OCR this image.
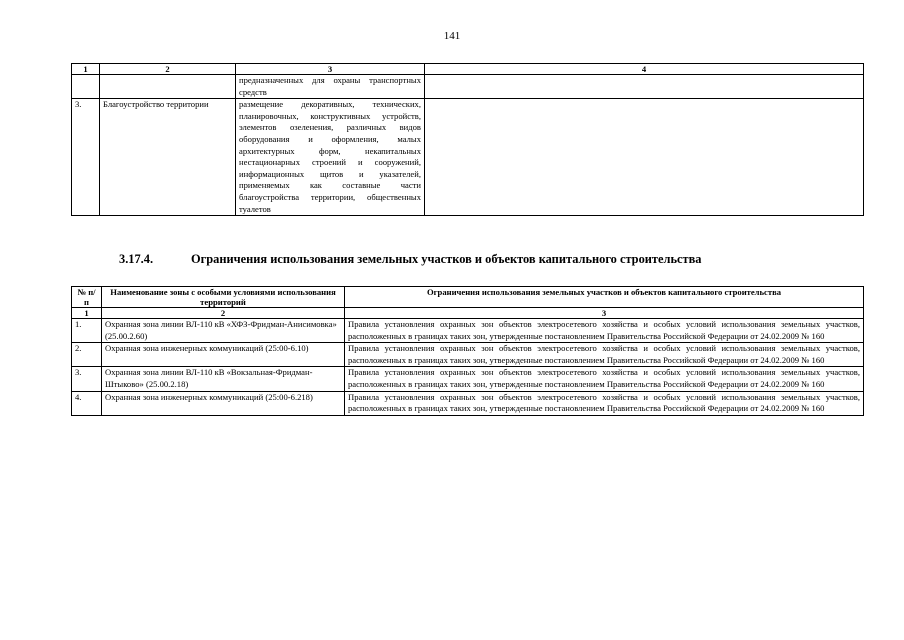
141
1	2	3	4
		предназначенных для охраны транспортных средств	
3.	Благоустройство территории	размещение декоративных, технических, планировочных, конструктивных устройств, элементов озеленения, различных видов оборудования и оформления, малых архитектурных форм, некапитальных нестационарных строений и сооружений, информационных щитов и указателей, применяемых как составные части благоустройства территории, общественных туалетов	
3.17.4.	Ограничения использования земельных участков и объектов капитального строительства
№ п/п	Наименование зоны с особыми условиями использования территорий	Ограничения использования земельных участков и объектов капитального строительства
1	2	3
1.	Охранная зона линии ВЛ-110 кВ «ХФЗ-Фридман-Анисимовка» (25.00.2.60)	Правила установления охранных зон объектов электросетевого хозяйства и особых условий использования земельных участков, расположенных в границах таких зон, утвержденные постановлением Правительства Российской Федерации от 24.02.2009 № 160
2.	Охранная зона инженерных коммуникаций (25:00-6.10)	Правила установления охранных зон объектов электросетевого хозяйства и особых условий использования земельных участков, расположенных в границах таких зон, утвержденные постановлением Правительства Российской Федерации от 24.02.2009 № 160
3.	Охранная зона линии ВЛ-110 кВ «Вокзальная-Фридман-Штыково» (25.00.2.18)	Правила установления охранных зон объектов электросетевого хозяйства и особых условий использования земельных участков, расположенных в границах таких зон, утвержденные постановлением Правительства Российской Федерации от 24.02.2009 № 160
4.	Охранная зона инженерных коммуникаций (25:00-6.218)	Правила установления охранных зон объектов электросетевого хозяйства и особых условий использования земельных участков, расположенных в границах таких зон, утвержденные постановлением Правительства Российской Федерации от 24.02.2009 № 160
